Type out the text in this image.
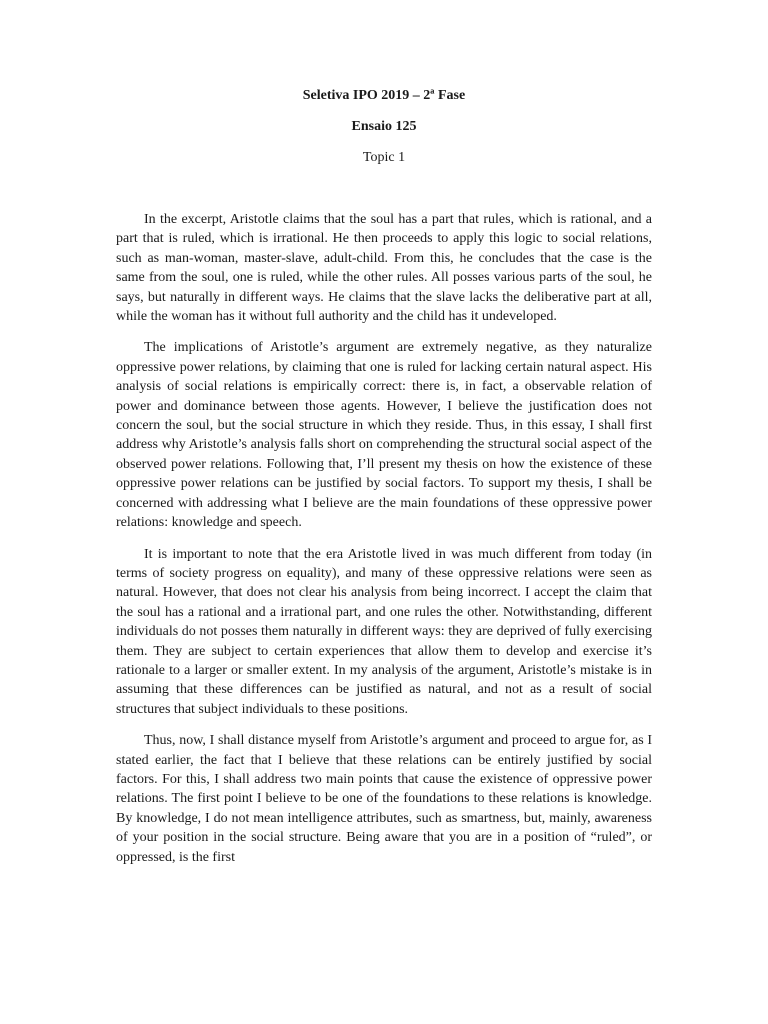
Seletiva IPO 2019 – 2ª Fase
Ensaio 125
Topic 1

In the excerpt, Aristotle claims that the soul has a part that rules, which is rational, and a part that is ruled, which is irrational. He then proceeds to apply this logic to social relations, such as man-woman, master-slave, adult-child. From this, he concludes that the case is the same from the soul, one is ruled, while the other rules. All posses various parts of the soul, he says, but naturally in different ways. He claims that the slave lacks the deliberative part at all, while the woman has it without full authority and the child has it undeveloped.

The implications of Aristotle’s argument are extremely negative, as they naturalize oppressive power relations, by claiming that one is ruled for lacking certain natural aspect. His analysis of social relations is empirically correct: there is, in fact, a observable relation of power and dominance between those agents. However, I believe the justification does not concern the soul, but the social structure in which they reside. Thus, in this essay, I shall first address why Aristotle’s analysis falls short on comprehending the structural social aspect of the observed power relations. Following that, I’ll present my thesis on how the existence of these oppressive power relations can be justified by social factors. To support my thesis, I shall be concerned with addressing what I believe are the main foundations of these oppressive power relations: knowledge and speech.

It is important to note that the era Aristotle lived in was much different from today (in terms of society progress on equality), and many of these oppressive relations were seen as natural. However, that does not clear his analysis from being incorrect. I accept the claim that the soul has a rational and a irrational part, and one rules the other. Notwithstanding, different individuals do not posses them naturally in different ways: they are deprived of fully exercising them. They are subject to certain experiences that allow them to develop and exercise it’s rationale to a larger or smaller extent. In my analysis of the argument, Aristotle’s mistake is in assuming that these differences can be justified as natural, and not as a result of social structures that subject individuals to these positions.

Thus, now, I shall distance myself from Aristotle’s argument and proceed to argue for, as I stated earlier, the fact that I believe that these relations can be entirely justified by social factors. For this, I shall address two main points that cause the existence of oppressive power relations. The first point I believe to be one of the foundations to these relations is knowledge. By knowledge, I do not mean intelligence attributes, such as smartness, but, mainly, awareness of your position in the social structure. Being aware that you are in a position of “ruled”, or oppressed, is the first
